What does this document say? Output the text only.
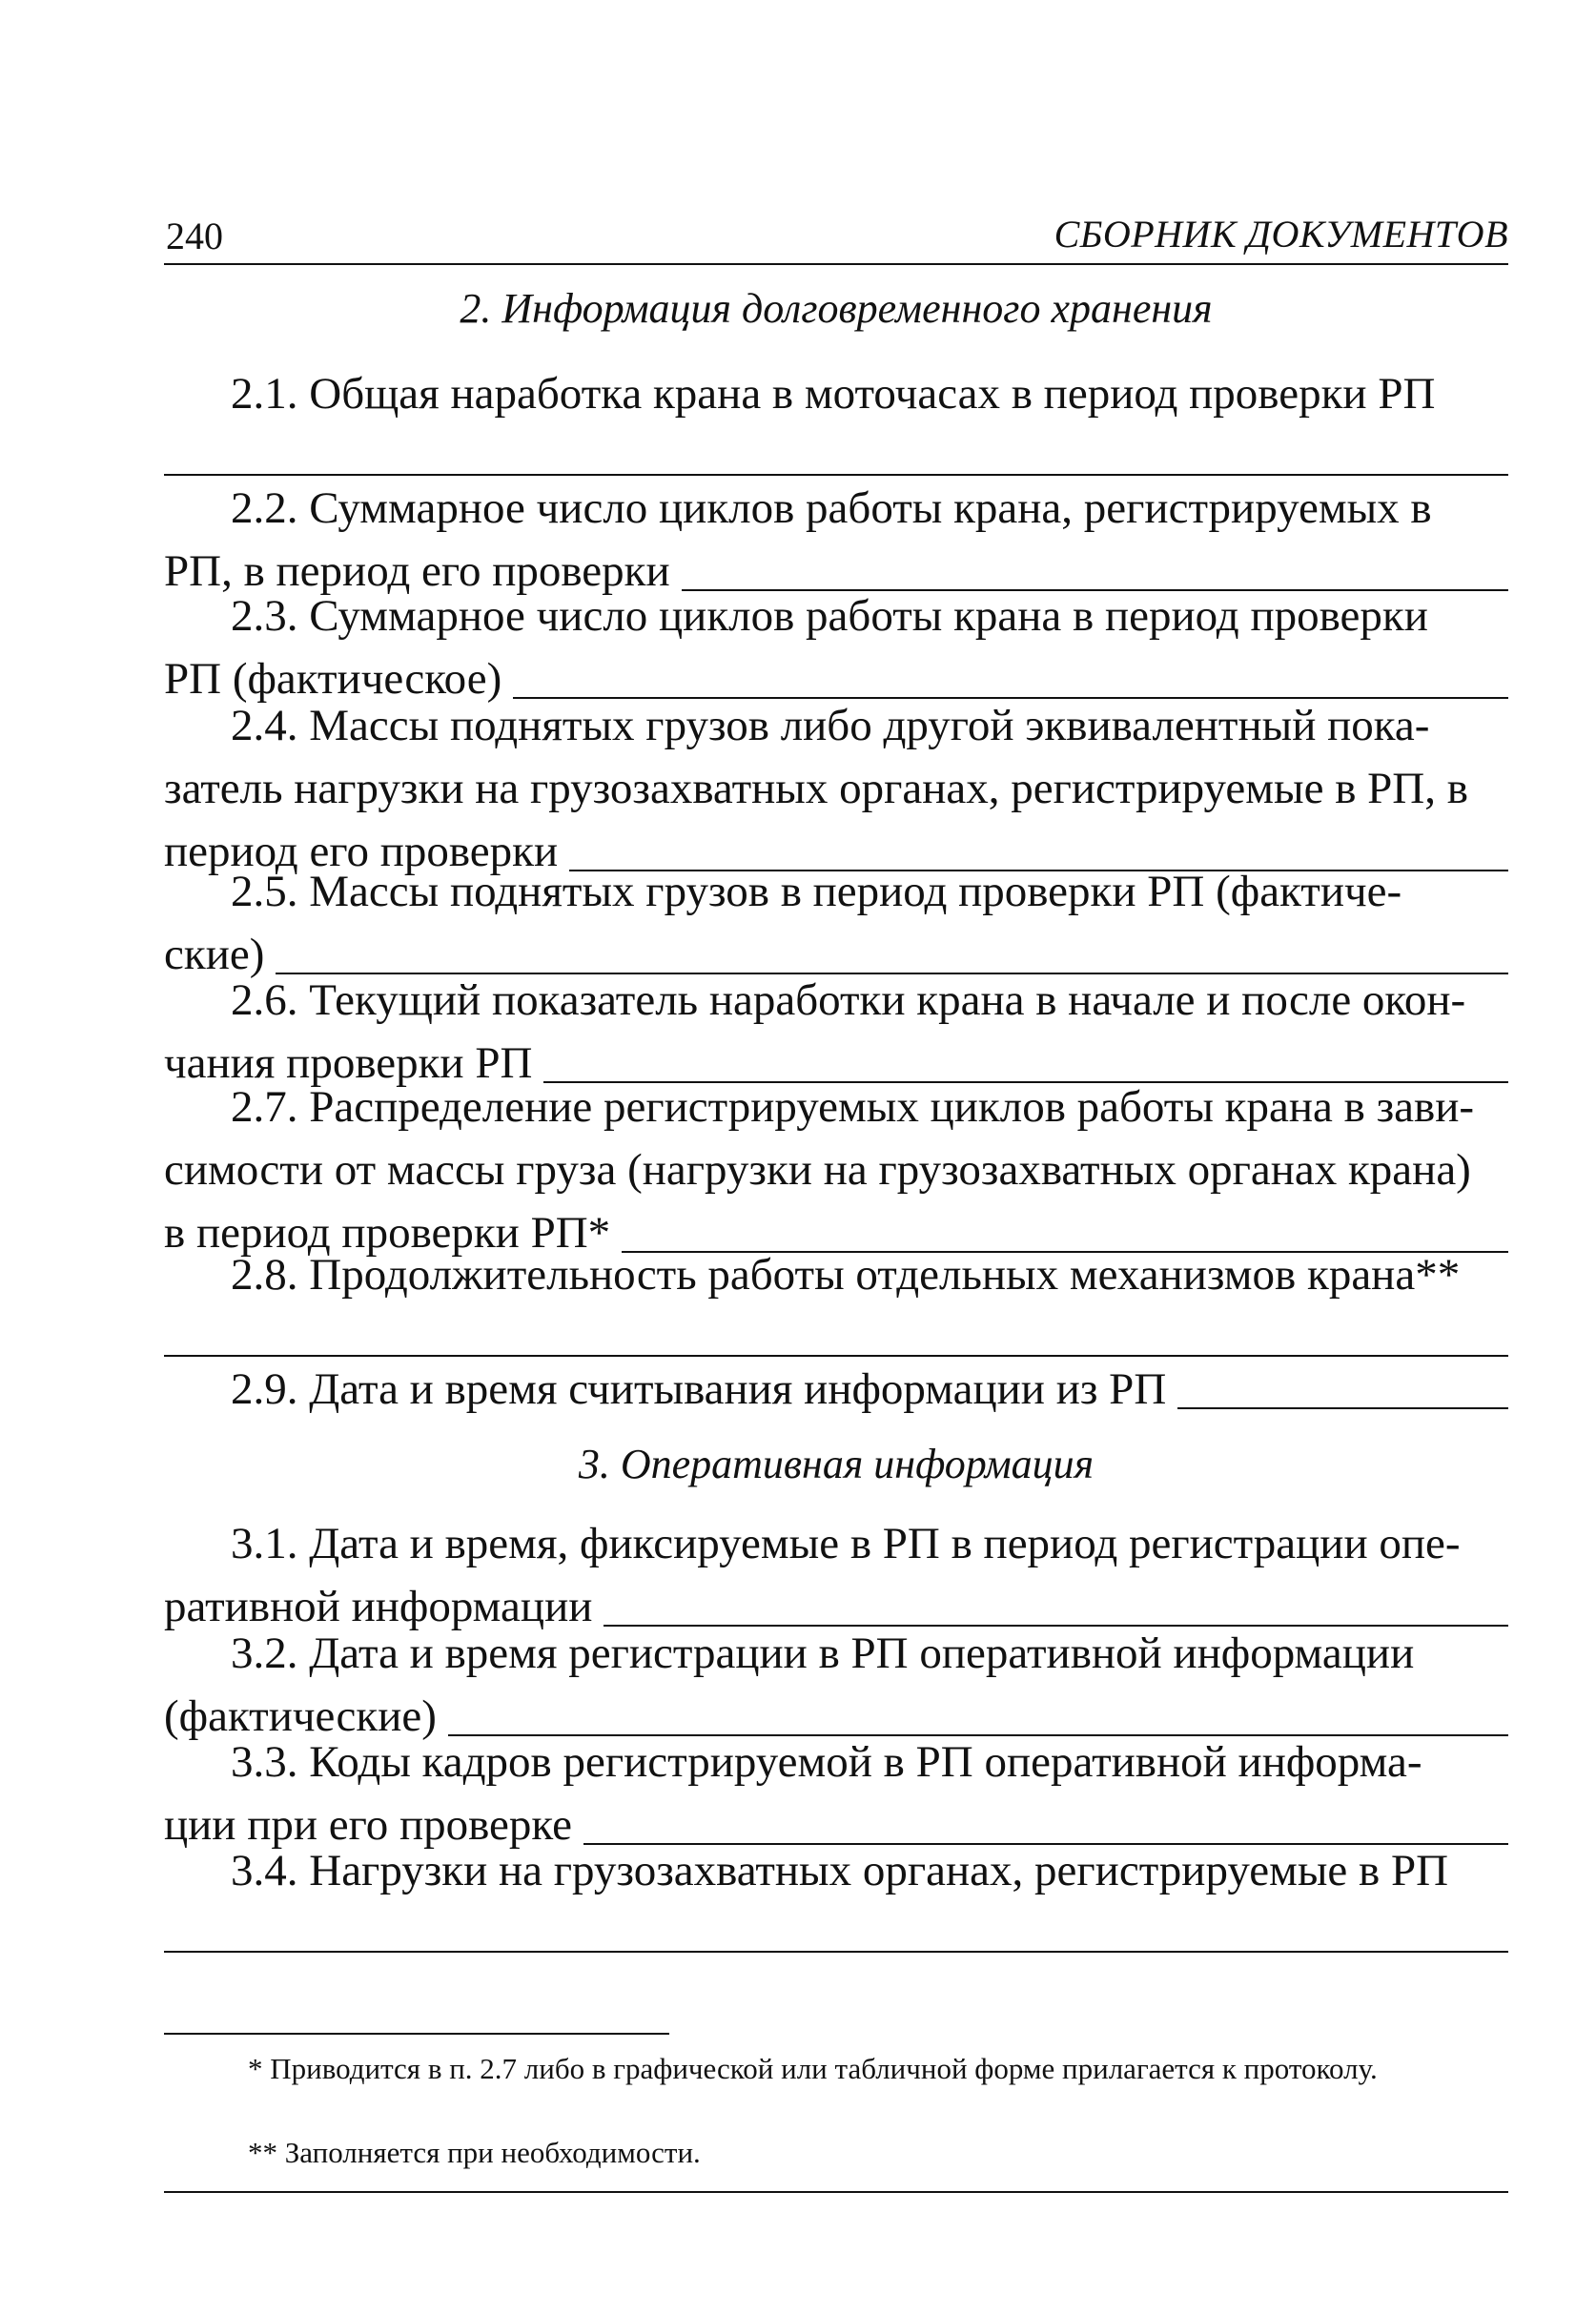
240	СБОРНИК ДОКУМЕНТОВ
2. Информация долговременного хранения
2.1. Общая наработка крана в моточасах в период проверки РП
2.2. Суммарное число циклов работы крана, регистрируемых в
РП, в период его проверки
2.3. Суммарное число циклов работы крана в период проверки
РП (фактическое)
2.4. Массы поднятых грузов либо другой эквивалентный пока-
затель нагрузки на грузозахватных органах, регистрируемые в РП, в
период его проверки
2.5. Массы поднятых грузов в период проверки РП (фактиче-
ские)
2.6. Текущий показатель наработки крана в начале и после окон-
чания проверки РП
2.7. Распределение регистрируемых циклов работы крана в зави-
симости от массы груза (нагрузки на грузозахватных органах крана)
в период проверки РП*
2.8. Продолжительность работы отдельных механизмов крана**
2.9. Дата и время считывания информации из РП
3. Оперативная информация
3.1. Дата и время, фиксируемые в РП в период регистрации опе-
ративной информации
3.2. Дата и время регистрации в РП оперативной информации
(фактические)
3.3. Коды кадров регистрируемой в РП оперативной информа-
ции при его проверке
3.4. Нагрузки на грузозахватных органах, регистрируемые в РП
* Приводится в п. 2.7 либо в графической или табличной форме прилагается к протоколу.
** Заполняется при необходимости.
